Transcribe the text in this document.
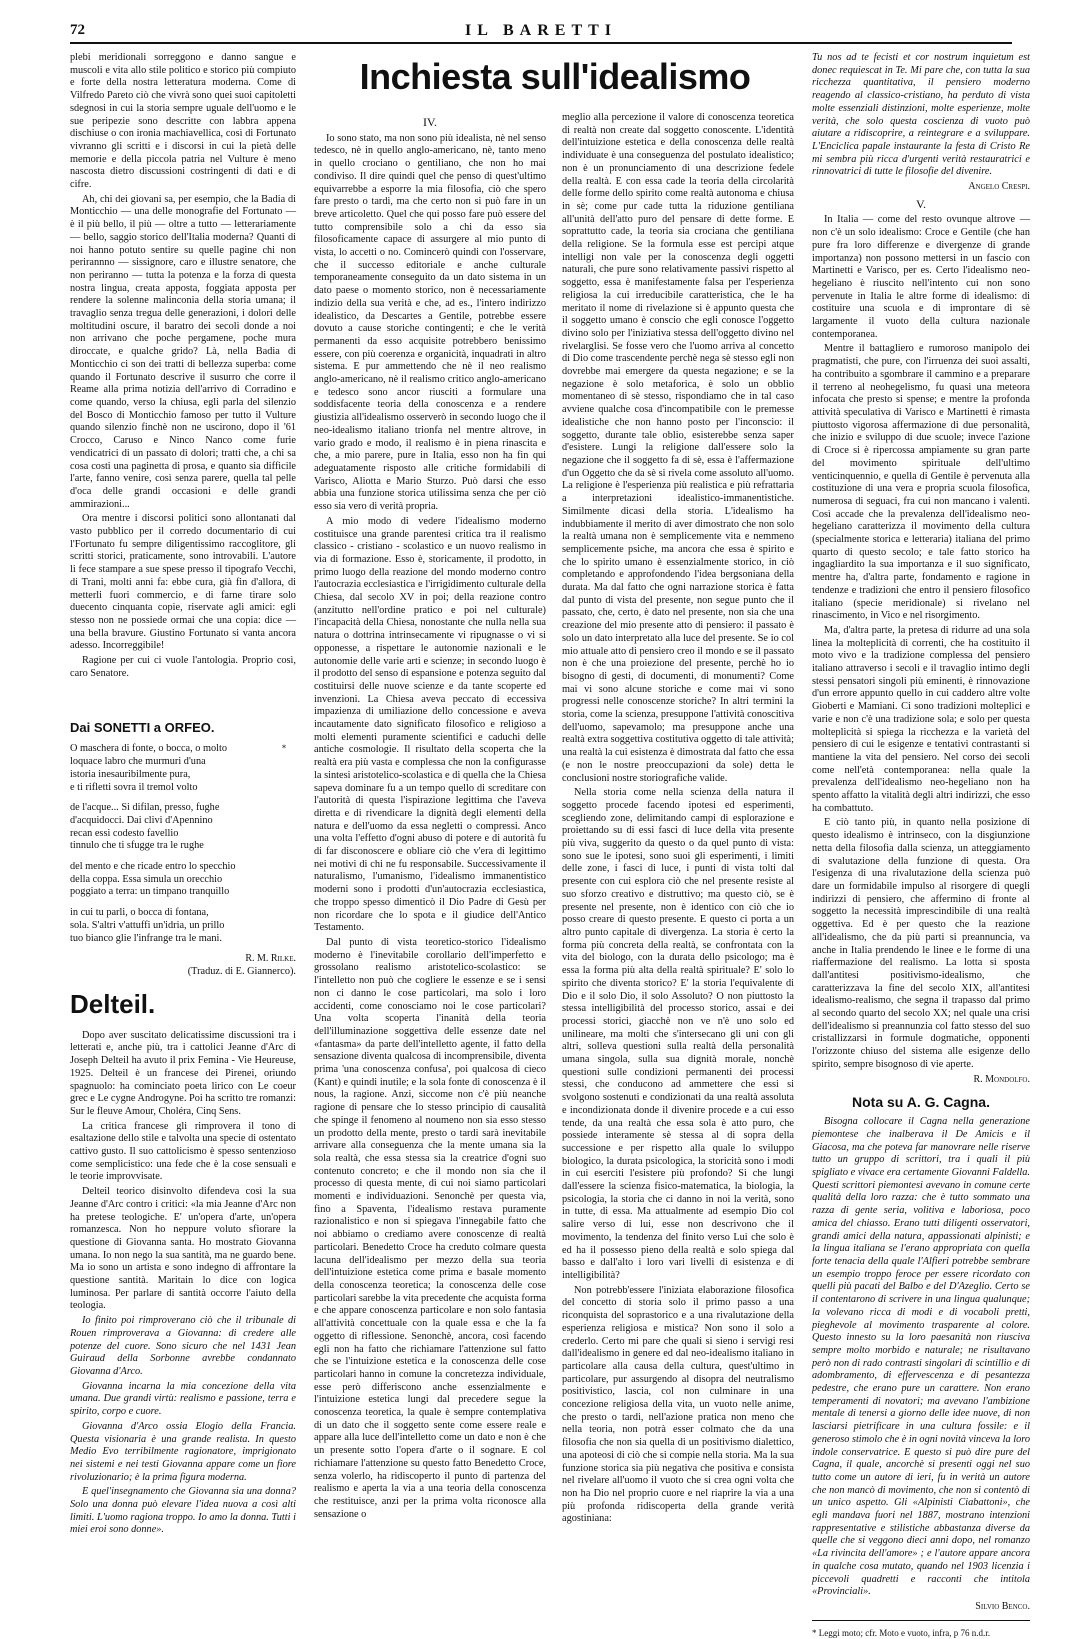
72	IL BARETTI
Inchiesta sull'idealismo

plebi meridionali sorreggono e danno sangue e muscoli e vita allo stile politico e storico più compiuto e forte della nostra letteratura moderna. Come di Vilfredo Pareto ciò che vivrà sono quei suoi capitoletti sdegnosi in cui la storia sempre uguale dell'uomo e le sue peripezie sono descritte con labbra appena dischiuse o con ironia machiavellica, così di Fortunato vivranno gli scritti e i discorsi in cui la pietà delle memorie e della piccola patria nel Vulture è meno nascosta dietro discussioni costringenti di dati e di cifre.

Ah, chi dei giovani sa, per esempio, che la Badia di Monticchio — una delle monografie del Fortunato — è il più bello, il più — oltre a tutto — letterariamente — bello, saggio storico dell'Italia moderna? Quanti di noi hanno potuto sentire su quelle pagine chi non perirannno — sissignore, caro e illustre senatore, che non periranno — tutta la potenza e la forza di questa nostra lingua, creata apposta, foggiata apposta per rendere la solenne malinconia della storia umana; il travaglio senza tregua delle generazioni, i dolori delle moltitudini oscure, il baratro dei secoli donde a noi non arrivano che poche pergamene, poche mura diroccate, e qualche grido? Là, nella Badia di Monticchio ci son dei tratti di bellezza superba: come quando il Fortunato descrive il susurro che corre il Reame alla prima notizia dell'arrivo di Corradino e come quando, verso la chiusa, egli parla del silenzio del Bosco di Monticchio famoso per tutto il Vulture quando silenzio finchè non ne uscirono, dopo il '61 Crocco, Caruso e Ninco Nanco come furie vendicatrici di un passato di dolori; tratti che, a chi sa cosa costi una paginetta di prosa, e quanto sia difficile l'arte, fanno venire, così senza parere, quella tal pelle d'oca delle grandi occasioni e delle grandi ammirazioni...

Ora mentre i discorsi politici sono allontanati dal vasto pubblico per il corredo documentario di cui l'Fortunato fu sempre diligentissimo raccoglitore, gli scritti storici, praticamente, sono introvabili. L'autore li fece stampare a sue spese presso il tipografo Vecchi, di Trani, molti anni fa: ebbe cura, già fin d'allora, di metterli fuori commercio, e di farne tirare solo duecento cinquanta copie, riservate agli amici: egli stesso non ne possiede ormai che una copia: dice — una bella bravure. Giustino Fortunato si vanta ancora adesso. Incorreggibile!

Ragione per cui ci vuole l'antologia. Proprio così, caro Senatore.

Dai SONETTI a ORFEO.
O maschera di fonte, o bocca, o molto
loquace labro che murmuri d'una
istoria inesauribilmente pura,
e ti rifletti sovra il tremol volto
de l'acque... Si difilan, presso, fughe
d'acquidocci. Dai clivi d'Apennino
recan essi codesto favellio
tinnulo che ti sfugge tra le rughe
del mento e che ricade entro lo specchio
della coppa. Essa simula un orecchio
poggiato a terra: un timpano tranquillo
in cui tu parli, o bocca di fontana,
sola. S'altri v'attuffi un'idria, un prillo
tuo bianco glie l'infrange tra le mani.
R. M. Rilke.
(Traduz. di E. Giannerco).
Delteil.

Dopo aver suscitato delicatissime discussioni tra i letterati e, anche più, tra i cattolici Jeanne d'Arc di Joseph Delteil ha avuto il prix Femina - Vie Heureuse, 1925. Delteil è un francese dei Pirenei, oriundo spagnuolo: ha cominciato poeta lirico con Le coeur grec e Le cygne Androgyne. Poi ha scritto tre romanzi: Sur le fleuve Amour, Choléra, Cinq Sens.

La critica francese gli rimprovera il tono di esaltazione dello stile e talvolta una specie di ostentato cattivo gusto. Il suo cattolicismo è spesso sentenzioso come semplicistico: una fede che è la cose sensuali e le teorie improvvisate.

Delteil teorico disinvolto difendeva così la sua Jeanne d'Arc contro i critici: «la mia Jeanne d'Arc non ha pretese teologiche. E' un'opera d'arte, un'opera romanzesca. Non ho neppure voluto sfiorare la questione di Giovanna santa. Ho mostrato Giovanna umana. Io non nego la sua santità, ma ne guardo bene. Ma io sono un artista e sono indegno di affrontare la questione santità. Maritain lo dice con logica luminosa. Per parlare di santità occorre l'aiuto della teologia.

Io finito poi rimproverano ciò che il tribunale di Rouen rimproverava a Giovanna: di credere alle potenze del cuore. Sono sicuro che nel 1431 Jean Guiraud della Sorbonne avrebbe condannato Giovanna d'Arco.

Giovanna incarna la mia concezione della vita umana. Due grandi virtù: realismo e passione, terra e spirito, corpo e cuore.

Giovanna d'Arco ossia Elogio della Francia. Questa visionaria è una grande realista. In questo Medio Evo terribilmente ragionatore, imprigionato nei sistemi e nei testi Giovanna appare come un fiore rivoluzionario; è la prima figura moderna.

E quel'insegnamento che Giovanna sia una donna? Solo una donna può elevare l'idea nuova a così alti limiti. L'uomo ragiona troppo. Io amo la donna. Tutti i miei eroi sono donne».

*
IV.

Io sono stato, ma non sono più idealista, nè nel senso tedesco, nè in quello anglo-americano, nè, tanto meno in quello crociano o gentiliano, che non ho mai condiviso. Il dire quindi quel che penso di quest'ultimo equivarrebbe a esporre la mia filosofia, ciò che spero fare presto o tardi, ma che certo non si può fare in un breve articoletto. Quel che qui posso fare può essere del tutto comprensibile solo a chi da esso sia filosoficamente capace di assurgere al mio punto di vista, lo accetti o no. Comincerò quindi con l'osservare, che il successo editoriale e anche culturale temporaneamente conseguito da un dato sistema in un dato paese o momento storico, non è necessariamente indizio della sua verità e che, ad es., l'intero indirizzo idealistico, da Descartes a Gentile, potrebbe essere dovuto a cause storiche contingenti; e che le verità permanenti da esso acquisite potrebbero benissimo essere, con più coerenza e organicità, inquadrati in altro sistema. E pur ammettendo che nè il neo realismo anglo-americano, nè il realismo critico anglo-americano e tedesco sono ancor riusciti a formulare una soddisfacente teoria della conoscenza e a rendere giustizia all'idealismo osserverò in secondo luogo che il neo-idealismo italiano trionfa nel mentre altrove, in vario grado e modo, il realismo è in piena rinascita e che, a mio parere, pure in Italia, esso non ha fin qui adeguatamente risposto alle critiche formidabili di Varisco, Aliotta e Mario Sturzo. Può darsi che esso abbia una funzione storica utilissima senza che per ciò esso sia vero di verità propria.

A mio modo di vedere l'idealismo moderno costituisce una grande parentesi critica tra il realismo classico - cristiano - scolastico e un nuovo realismo in via di formazione. Esso è, storicamente, il prodotto, in primo luogo della reazione del mondo moderno contro l'autocrazia ecclesiastica e l'irrigidimento culturale della Chiesa, dal secolo XV in poi; della reazione contro (anzitutto nell'ordine pratico e poi nel culturale) l'incapacità della Chiesa, nonostante che nulla nella sua natura o dottrina intrinsecamente vi ripugnasse o vi si opponesse, a rispettare le autonomie nazionali e le autonomie delle varie arti e scienze; in secondo luogo è il prodotto del senso di espansione e potenza seguito dal costituirsi delle nuove scienze e da tante scoperte ed invenzioni. La Chiesa aveva peccato di eccessiva impazienza di umiliazione dello concessione e aveva incautamente dato significato filosofico e religioso a molti elementi puramente scientifici e caduchi delle antiche cosmologie. Il risultato della scoperta che la realtà era più vasta e complessa che non la configurasse la sintesi aristotelico-scolastica e di quella che la Chiesa sapeva dominare fu a un tempo quello di screditare con l'autorità di questa l'ispirazione legittima che l'aveva diretta e di rivendicare la dignità degli elementi della natura e dell'uomo da essa negletti o compressi. Anco una volta l'effetto d'ogni abuso di potere e di autorità fu di far disconoscere e obliare ciò che v'era di legittimo nei motivi di chi ne fu responsabile. Successivamente il naturalismo, l'umanismo, l'idealismo immanentistico moderni sono i prodotti d'un'autocrazia ecclesiastica, che troppo spesso dimenticò il Dio Padre di Gesù per non ricordare che lo spota e il giudice dell'Antico Testamento.

Dal punto di vista teoretico-storico l'idealismo moderno è l'inevitabile corollario dell'imperfetto e grossolano realismo aristotelico-scolastico: se l'intelletto non può che cogliere le essenze e se i sensi non ci danno le cose particolari, ma solo i loro accidenti, come conosciamo noi le cose particolari? Una volta scoperta l'inanità della teoria dell'illuminazione soggettiva delle essenze date nel «fantasma» da parte dell'intelletto agente, il fatto della sensazione diventa qualcosa di incomprensibile, diventa prima 'una conoscenza confusa', poi qualcosa di cieco (Kant) e quindi inutile; e la sola fonte di conoscenza è il nous, la ragione. Anzi, siccome non c'è più neanche ragione di pensare che lo stesso principio di causalità che spinge il fenomeno al noumeno non sia esso stesso un prodotto della mente, presto o tardi sarà inevitabile arrivare alla conseguenza che la mente umana sia la sola realtà, che essa stessa sia la creatrice d'ogni suo contenuto concreto; e che il mondo non sia che il processo di questa mente, di cui noi siamo particolari momenti e individuazioni. Senonchè per questa via, fino a Spaventa, l'idealismo restava puramente razionalistico e non si spiegava l'innegabile fatto che noi abbiamo o crediamo avere conoscenze di realtà particolari. Benedetto Croce ha creduto colmare questa lacuna dell'idealismo per mezzo della sua teoria dell'intuizione estetica come prima e basale momento della conoscenza teoretica; la conoscenza delle cose particolari sarebbe la vita precedente che acquista forma e che appare conoscenza particolare e non solo fantasia all'attività concettuale con la quale essa e che la fa oggetto di riflessione. Senonchè, ancora, così facendo egli non ha fatto che richiamare l'attenzione sul fatto che se l'intuizione estetica e la conoscenza delle cose particolari hanno in comune la concretezza individuale, esse però differiscono anche essenzialmente e l'intuizione estetica lungi dal precedere segue la conoscenza teoretica, la quale è sempre contemplativa di un dato che il soggetto sente come essere reale e appare alla luce dell'intelletto come un dato e non è che un presente sotto l'opera d'arte o il sognare. E col richiamare l'attenzione su questo fatto Benedetto Croce, senza volerlo, ha ridiscoperto il punto di partenza del realismo e aperta la via a una teoria della conoscenza che restituisce, anzi per la prima volta riconosce alla sensazione o

meglio alla percezione il valore di conoscenza teoretica di realtà non create dal soggetto conoscente. L'identità dell'intuizione estetica e della conoscenza delle realtà individuate è una conseguenza del postulato idealistico; non è un pronunciamento di una descrizione fedele della realtà. E con essa cade la teoria della circolarità delle forme dello spirito come realtà autonoma e chiusa in sè; come pur cade tutta la riduzione gentiliana all'unità dell'atto puro del pensare di dette forme. E soprattutto cade, la teoria sia crociana che gentiliana della religione. Se la formula esse est percipi atque intelligi non vale per la conoscenza degli oggetti naturali, che pure sono relativamente passivi rispetto al soggetto, essa è manifestamente falsa per l'esperienza religiosa la cui irreducibile caratteristica, che le ha meritato il nome di rivelazione si è appunto questa che il soggetto umano è conscio che egli conosce l'oggetto divino solo per l'iniziativa stessa dell'oggetto divino nel rivelarglisi. Se fosse vero che l'uomo arriva al concetto di Dio come trascendente perchè nega sè stesso egli non dovrebbe mai emergere da questa negazione; e se la negazione è solo metaforica, è solo un obblio momentaneo di sè stesso, rispondiamo che in tal caso avviene qualche cosa d'incompatibile con le premesse idealistiche che non hanno posto per l'inconscio: il soggetto, durante tale oblio, esisterebbe senza saper d'esistere. Lungi la religione dall'essere solo la negazione che il soggetto fa di sè, essa è l'affermazione d'un Oggetto che da sè si rivela come assoluto all'uomo. La religione è l'esperienza più realistica e più refrattaria a interpretazioni idealistico-immanentistiche. Similmente dicasi della storia. L'idealismo ha indubbiamente il merito di aver dimostrato che non solo la realtà umana non è semplicemente vita e nemmeno semplicemente psiche, ma ancora che essa è spirito e che lo spirito umano è essenzialmente storico, in ciò completando e approfondendo l'idea bergsoniana della durata. Ma dal fatto che ogni narrazione storica è fatta dal punto di vista del presente, non segue punto che il passato, che, certo, è dato nel presente, non sia che una creazione del mio presente atto di pensiero: il passato è solo un dato interpretato alla luce del presente. Se io col mio attuale atto di pensiero creo il mondo e se il passato non è che una proiezione del presente, perchè ho io bisogno di gesti, di documenti, di monumenti? Come mai vi sono alcune storiche e come mai vi sono progressi nelle conoscenze storiche? In altri termini la storia, come la scienza, presuppone l'attività conoscitiva dell'uomo, sapevamolo; ma presuppone anche una realtà extra soggettiva costitutiva oggetto di tale attività; una realtà la cui esistenza è dimostrata dal fatto che essa (e non le nostre preoccupazioni da sole) detta le conclusioni nostre storiografiche valide.

Nella storia come nella scienza della natura il soggetto procede facendo ipotesi ed esperimenti, scegliendo zone, delimitando campi di esplorazione e proiettando su di essi fasci di luce della vita presente più viva, suggerito da questo o da quel punto di vista: sono sue le ipotesi, sono suoi gli esperimenti, i limiti delle zone, i fasci di luce, i punti di vista tolti dal presente con cui esplora ciò che nel presente resiste al suo sforzo creativo e distruttivo; ma questo ciò, se è presente nel presente, non è identico con ciò che io posso creare di questo presente. E questo ci porta a un altro punto capitale di divergenza. La storia è certo la forma più concreta della realtà, se confrontata con la vita del biologo, con la durata dello psicologo; ma è essa la forma più alta della realtà spirituale? E' solo lo spirito che diventa storico? E' la storia l'equivalente di Dio e il solo Dio, il solo Assoluto? O non piuttosto la stessa intelligibilità del processo storico, assai e dei processi storici, giacchè non ve n'è uno solo ed unilineare, ma molti che s'intersecano gli uni con gli altri, solleva questioni sulla realtà della personalità umana singola, sulla sua dignità morale, nonchè questioni sulle condizioni permanenti dei processi stessi, che conducono ad ammettere che essi si svolgono sostenuti e condizionati da una realtà assoluta e incondizionata donde il divenire procede e a cui esso tende, da una realtà che essa sola è atto puro, che possiede interamente sè stessa al di sopra della successione e per rispetto alla quale lo sviluppo biologico, la durata psicologica, la storicità sono i modi in cui eserciti l'esistere più profondo? Si che lungi dall'essere la scienza fisico-matematica, la biologia, la psicologia, la storia che ci danno in noi la verità, sono in tutte, di essa. Ma attualmente ad esempio Dio col salire verso di lui, esse non descrivono che il movimento, la tendenza del finito verso Lui che solo è ed ha il possesso pieno della realtà e solo spiega dal basso e dall'alto i loro vari livelli di esistenza e di intelligibilità?

Non potrebb'essere l'iniziata elaborazione filosofica del concetto di storia solo il primo passo a una riconquista del soprastorico e a una rivalutazione della esperienza religiosa e mistica? Non sono il solo a crederlo. Certo mi pare che quali si sieno i servigi resi dall'idealismo in genere ed dal neo-idealismo italiano in particolare alla causa della cultura, quest'ultimo in particolare, pur assurgendo al disopra del neutralismo positivistico, lascia, col non culminare in una concezione religiosa della vita, un vuoto nelle anime, che presto o tardi, nell'azione pratica non meno che nella teoria, non potrà esser colmato che da una filosofia che non sia quella di un positivismo dialettico, una apoteosi di ciò che si compie nella storia. Ma la sua funzione storica sia più negativa che positiva e consista nel rivelare all'uomo il vuoto che si crea ogni volta che non ha Dio nel proprio cuore e nel riaprire la via a una più profonda ridiscoperta della grande verità agostiniana:

Tu nos ad te fecisti et cor nostrum inquietum est donec requiescat in Te. Mi pare che, con tutta la sua ricchezza quantitativa, il pensiero moderno reagendo al classico-cristiano, ha perduto di vista molte essenziali distinzioni, molte esperienze, molte verità, che solo questa coscienza di vuoto può aiutare a ridiscoprire, a reintegrare e a sviluppare. L'Enciclica papale instaurante la festa di Cristo Re mi sembra più ricca d'urgenti verità restauratrici e rinnovatrici di tutte le filosofie del divenire.

Angelo Crespi.
V.

In Italia — come del resto ovunque altrove — non c'è un solo idealismo: Croce e Gentile (che han pure fra loro differenze e divergenze di grande importanza) non possono mettersi in un fascio con Martinetti e Varisco, per es. Certo l'idealismo neo-hegeliano è riuscito nell'intento cui non sono pervenute in Italia le altre forme di idealismo: di costituire una scuola e di improntare di sè largamente il vuoto della cultura nazionale contemporanea.

Mentre il battagliero e rumoroso manipolo dei pragmatisti, che pure, con l'irruenza dei suoi assalti, ha contribuito a sgombrare il cammino e a preparare il terreno al neohegelismo, fu quasi una meteora infocata che presto si spense; e mentre la profonda attività speculativa di Varisco e Martinetti è rimasta piuttosto vigorosa affermazione di due personalità, che inizio e sviluppo di due scuole; invece l'azione di Croce si è ripercossa ampiamente su gran parte del movimento spirituale dell'ultimo venticinquennio, e quella di Gentile è pervenuta alla costituzione di una vera e propria scuola filosofica, numerosa di seguaci, fra cui non mancano i valenti. Così accade che la prevalenza dell'idealismo neo-hegeliano caratterizza il movimento della cultura (specialmente storica e letteraria) italiana del primo quarto di questo secolo; e tale fatto storico ha ingagliardito la sua importanza e il suo significato, mentre ha, d'altra parte, fondamento e ragione in tendenze e tradizioni che entro il pensiero filosofico italiano (specie meridionale) si rivelano nel rinascimento, in Vico e nel risorgimento.

Ma, d'altra parte, la pretesa di ridurre ad una sola linea la molteplicità di correnti, che ha costituito il moto vivo e la tradizione complessa del pensiero italiano attraverso i secoli e il travaglio intimo degli stessi pensatori singoli più eminenti, è rinnovazione d'un errore appunto quello in cui caddero altre volte Gioberti e Mamiani. Ci sono tradizioni molteplici e varie e non c'è una tradizione sola; e solo per questa molteplicità si spiega la ricchezza e la varietà del pensiero di cui le esigenze e tentativi contrastanti si mantiene la vita del pensiero. Nel corso dei secoli come nell'età contemporanea: nella quale la prevalenza dell'idealismo neo-hegeliano non ha spento affatto la vitalità degli altri indirizzi, che esso ha combattuto.

E ciò tanto più, in quanto nella posizione di questo idealismo è intrinseco, con la disgiunzione netta della filosofia dalla scienza, un atteggiamento di svalutazione della funzione di questa. Ora l'esigenza di una rivalutazione della scienza può dare un formidabile impulso al risorgere di quegli indirizzi di pensiero, che affermino di fronte al soggetto la necessità imprescindibile di una realtà oggettiva. Ed è per questo che la reazione all'idealismo, che da più parti si preannuncia, va anche in Italia prendendo le linee e le forme di una riaffermazione del realismo. La lotta si sposta dall'antitesi positivismo-idealismo, che caratterizzava la fine del secolo XIX, all'antitesi idealismo-realismo, che segna il trapasso dal primo al secondo quarto del secolo XX; nel quale una crisi dell'idealismo si preannunzia col fatto stesso del suo cristallizzarsi in formule dogmatiche, opponenti l'orizzonte chiuso del sistema alle esigenze dello spirito, sempre bisognoso di vie aperte.

R. Mondolfo.
Nota su A. G. Cagna.

Bisogna collocare il Cagna nella generazione piemontese che inalberava il De Amicis e il Giacosa, ma che poteva far manovrare nelle riserve tutto un gruppo di scrittori, tra i quali il più spigliato e vivace era certamente Giovanni Faldella. Questi scrittori piemontesi avevano in comune certe qualità della loro razza: che è tutto sommato una razza di gente seria, volitiva e laboriosa, poco amica del chiasso. Erano tutti diligenti osservatori, grandi amici della natura, appassionati alpinisti; e la lingua italiana se l'erano appropriata con quella forte tenacia della quale l'Alfieri potrebbe sembrare un esempio troppo feroce per essere ricordato con quelli più pacati del Balbo e del D'Azeglio. Certo se il contentarono di scrivere in una lingua qualunque; la volevano ricca di modi e di vocaboli pretti, pieghevole al movimento trasparente al colore. Questo innesto su la loro paesanità non riusciva sempre molto morbido e naturale; ne risultavano però non di rado contrasti singolari di scintillio e di adombramento, di effervescenza e di pesantezza pedestre, che erano pure un carattere. Non erano temperamenti di novatori; ma avevano l'ambizione mentale di tenersi a giorno delle idee nuove, di non lasciarsi pietrificare in una cultura fossile: e il generoso stimolo che è in ogni novità vinceva la loro indole conservatrice. E questo si può dire pure del Cagna, il quale, ancorchè si presenti oggi nel suo tutto come un autore di ieri, fu in verità un autore che non mancò di movimento, che non si contentò di un unico aspetto. Gli «Alpinisti Ciabattoni», che egli mandava fuori nel 1887, mostrano intenzioni rappresentative e stilistiche abbastanza diverse da quelle che si veggono dieci anni dopo, nel romanzo «La rivincita dell'amore» ; e l'autore appare ancora in qualche cosa mutato, quando nel 1903 licenzia i piccevoli quadretti e racconti che intitola «Provinciali».

Silvio Benco.
* Leggi moto; cfr. Moto e vuoto, infra, p 76 n.d.r.
